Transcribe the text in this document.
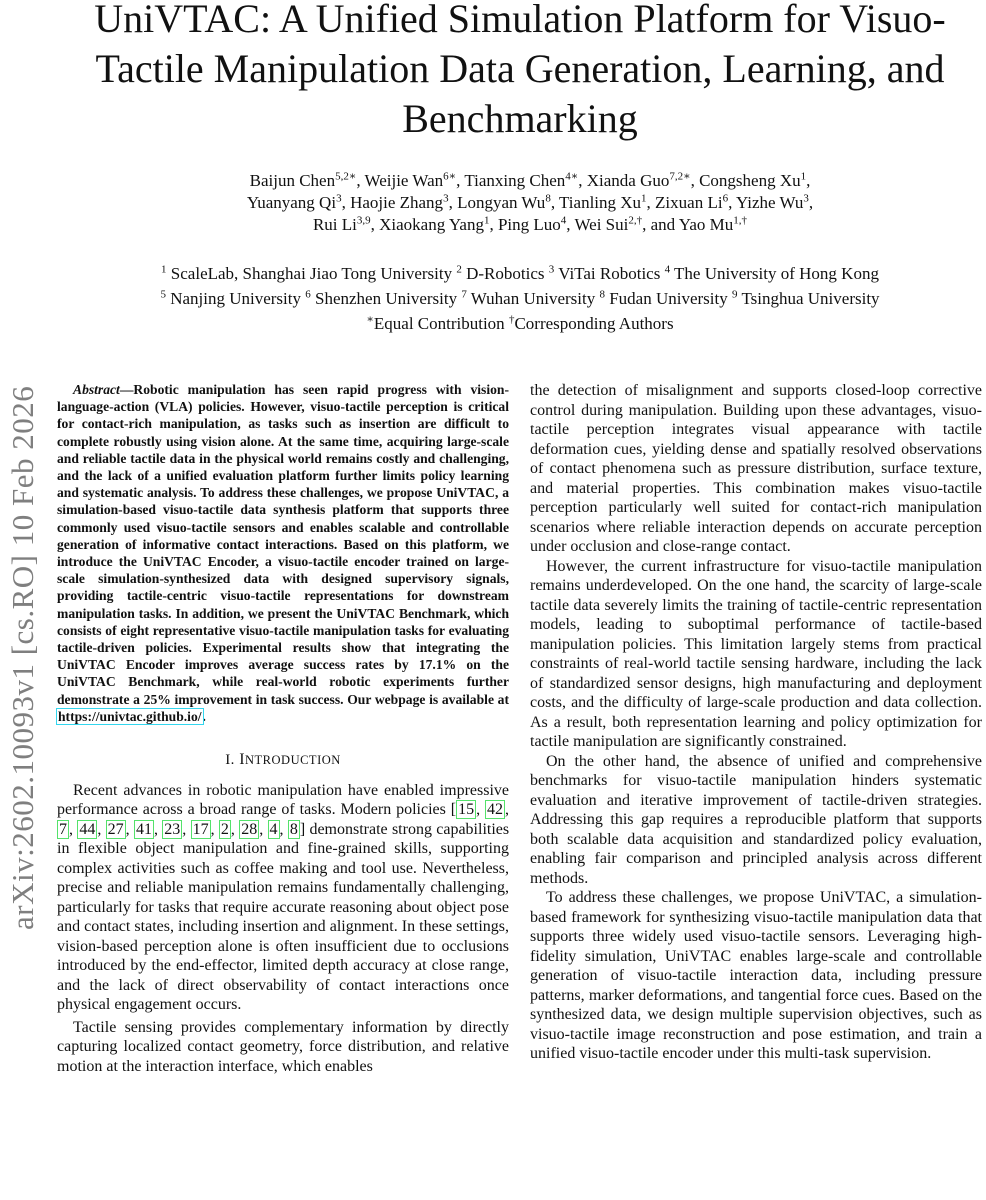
arXiv:2602.10093v1 [cs.RO] 10 Feb 2026
UniVTAC: A Unified Simulation Platform for Visuo-Tactile Manipulation Data Generation, Learning, and Benchmarking
Baijun Chen$^{5,2∗}$, Weijie Wan$^{6∗}$, Tianxing Chen$^{4∗}$, Xianda Guo$^{7,2∗}$, Congsheng Xu$^1$,
Yuanyang Qi$^3$, Haojie Zhang$^3$, Longyan Wu$^8$, Tianling Xu$^1$, Zixuan Li$^6$, Yizhe Wu$^3$,
Rui Li$^{3,9}$, Xiaokang Yang$^1$, Ping Luo$^4$, Wei Sui$^{2,\dagger}$, and Yao $Mu^{1,\dagger}$
$^1$ ScaleLab, Shanghai Jiao Tong University $^2$ D-Robotics $^3$ ViTai Robotics $^4$ The University of Hong Kong
$^5$ Nanjing University $^6$ Shenzhen University $^7$ Wuhan University $^8$ Fudan University $^9$ Tsinghua University
∗Equal Contribution †Corresponding Authors

Abstract—Robotic manipulation has seen rapid progress with vision-language-action (VLA) policies. However, visuo-tactile perception is critical for contact-rich manipulation, as tasks such as insertion are difficult to complete robustly using vision alone. At the same time, acquiring large-scale and reliable tactile data in the physical world remains costly and challenging, and the lack of a unified evaluation platform further limits policy learning and systematic analysis. To address these challenges, we propose UniVTAC, a simulation-based visuo-tactile data synthesis platform that supports three commonly used visuo-tactile sensors and enables scalable and controllable generation of informative contact interactions. Based on this platform, we introduce the UniVTAC Encoder, a visuo-tactile encoder trained on large-scale simulation-synthesized data with designed supervisory signals, providing tactile-centric visuo-tactile representations for downstream manipulation tasks. In addition, we present the UniVTAC Benchmark, which consists of eight representative visuo-tactile manipulation tasks for evaluating tactile-driven policies. Experimental results show that integrating the UniVTAC Encoder improves average success rates by 17.1% on the UniVTAC Benchmark, while real-world robotic experiments further demonstrate a 25% improvement in task success. Our webpage is available at https://univtac.github.io/.

I. INTRODUCTION

Recent advances in robotic manipulation have enabled impressive performance across a broad range of tasks. Modern policies [ 15 , 42 , 7 , 44 , 27 , 41 , 23 , 17 , 2 , 28 , 4 , 8 ] demonstrate strong capabilities in flexible object manipulation and fine-grained skills, supporting complex activities such as coffee making and tool use. Nevertheless, precise and reliable manipulation remains fundamentally challenging, particularly for tasks that require accurate reasoning about object pose and contact states, including insertion and alignment. In these settings, vision-based perception alone is often insufficient due to occlusions introduced by the end-effector, limited depth accuracy at close range, and the lack of direct observability of contact interactions once physical engagement occurs.

Tactile sensing provides complementary information by directly capturing localized contact geometry, force distribution, and relative motion at the interaction interface, which enables

the detection of misalignment and supports closed-loop corrective control during manipulation. Building upon these advantages, visuo-tactile perception integrates visual appearance with tactile deformation cues, yielding dense and spatially resolved observations of contact phenomena such as pressure distribution, surface texture, and material properties. This combination makes visuo-tactile perception particularly well suited for contact-rich manipulation scenarios where reliable interaction depends on accurate perception under occlusion and close-range contact.

However, the current infrastructure for visuo-tactile manipulation remains underdeveloped. On the one hand, the scarcity of large-scale tactile data severely limits the training of tactile-centric representation models, leading to suboptimal performance of tactile-based manipulation policies. This limitation largely stems from practical constraints of real-world tactile sensing hardware, including the lack of standardized sensor designs, high manufacturing and deployment costs, and the difficulty of large-scale production and data collection. As a result, both representation learning and policy optimization for tactile manipulation are significantly constrained.

On the other hand, the absence of unified and comprehensive benchmarks for visuo-tactile manipulation hinders systematic evaluation and iterative improvement of tactile-driven strategies. Addressing this gap requires a reproducible platform that supports both scalable data acquisition and standardized policy evaluation, enabling fair comparison and principled analysis across different methods.

To address these challenges, we propose UniVTAC, a simulation-based framework for synthesizing visuo-tactile manipulation data that supports three widely used visuo-tactile sensors. Leveraging high-fidelity simulation, UniVTAC enables large-scale and controllable generation of visuo-tactile interaction data, including pressure patterns, marker deformations, and tangential force cues. Based on the synthesized data, we design multiple supervision objectives, such as visuo-tactile image reconstruction and pose estimation, and train a unified visuo-tactile encoder under this multi-task supervision.
